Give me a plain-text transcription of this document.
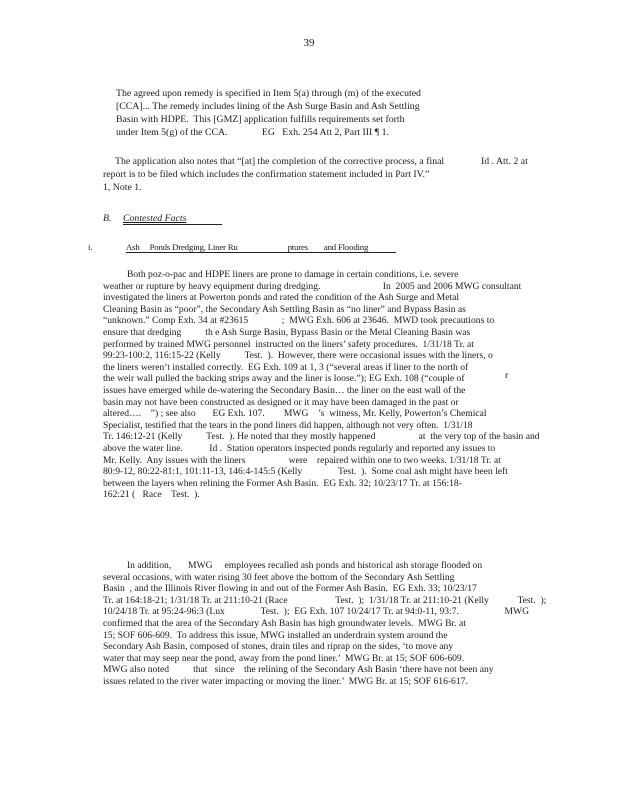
39
The agreed upon remedy is specified in Item 5(a) through (m) of the executed
[CCA]... The remedy includes lining of the Ash Surge Basin and Ash Settling
Basin with HDPE.  This [GMZ] application fulfills requirements set forth
under Item 5(g) of the CCA.              EG   Exh. 254 Att 2, Part III ¶ 1.
The application also notes that “[at] the completion of the corrective process, a final
report is to be filed which includes the confirmation statement included in Part IV.”
Id . Att. 2 at
1, Note 1.
B. Contested Facts
i.	Ash     Ponds Dredging, Liner Ru                         ptures        and Flooding
Both poz-o-pac and HDPE liners are prone to damage in certain conditions, i.e. severe
weather or rupture by heavy equipment during dredging.                          In  2005 and 2006 MWG consultant
investigated the liners at Powerton ponds and rated the condition of the Ash Surge and Metal
Cleaning Basin as “poor”, the Secondary Ash Settling Basin as “no liner” and Bypass Basin as
“unknown.” Comp Exh. 34 at #23615              ;  MWG Exh. 606 at 23646.  MWD took precautions to
ensure that dredging          th e Ash Surge Basin, Bypass Basin or the Metal Cleaning Basin was
performed by trained MWG personnel  instructed on the liners’ safety procedures.  1/31/18 Tr. at
99:23-100:2, 116:15-22 (Kelly          Test.  ).  However, there were occasional issues with the liners, o
the liners weren’t installed correctly.  EG Exh. 109 at 1, 3 (“several areas if liner to the north of
the weir wall pulled the backing strips away and the liner is loose.”); EG Exh. 108 (“couple of
issues have emerged while de-watering the Secondary Basin… the liner on the east wall of the
basin may not have been constructed as designed or it may have been damaged in the past or
altered….    ”) ; see also       EG Exh. 107.        MWG    ’s  witness, Mr. Kelly, Powerton’s Chemical
Specialist, testified that the tears in the pond liners did happen, although not very often.  1/31/18
Tr. 146:12-21 (Kelly          Test.  ). He noted that they mostly happened                  at  the very top of the basin and
above the water line.           Id .  Station operators inspected ponds regularly and reported any issues to
Mr. Kelly.  Any issues with the liners                  were    repaired within one to two weeks. 1/31/18 Tr. at
80:9-12, 80:22-81:1, 101:11-13, 146:4-145:5 (Kelly               Test.  ).  Some coal ash might have been left
between the layers when relining the Former Ash Basin.  EG Exh. 32; 10/23/17 Tr. at 156:18-
162:21 (   Race    Test.  ).
r
In addition,       MWG     employees recalled ash ponds and historical ash storage flooded on
several occasions, with water rising 30 feet above the bottom of the Secondary Ash Settling
Basin  , and the Illinois River flowing in and out of the Former Ash Basin.  EG Exh. 33; 10/23/17
Tr. at 164:18-21; 1/31/18 Tr. at 211:10-21 (Race                    Test.  );  1/31/18 Tr. at 211:10-21 (Kelly            Test.  );
10/24/18 Tr. at 95:24-96:3 (Lux               Test.  );  EG Exh. 107 10/24/17 Tr. at 94:0-11, 93:7.                   MWG
confirmed that the area of the Secondary Ash Basin has high groundwater levels.  MWG Br. at
15; SOF 606-609.  To address this issue, MWG installed an underdrain system around the
Secondary Ash Basin, composed of stones, drain tiles and riprap on the sides, ‘to move any
water that may seep near the pond, away from the pond liner.’  MWG Br. at 15; SOF 606-609.
MWG also noted          that   since    the relining of the Secondary Ash Basin ‘there have not been any
issues related to the river water impacting or moving the liner.’  MWG Br. at 15; SOF 616-617.
